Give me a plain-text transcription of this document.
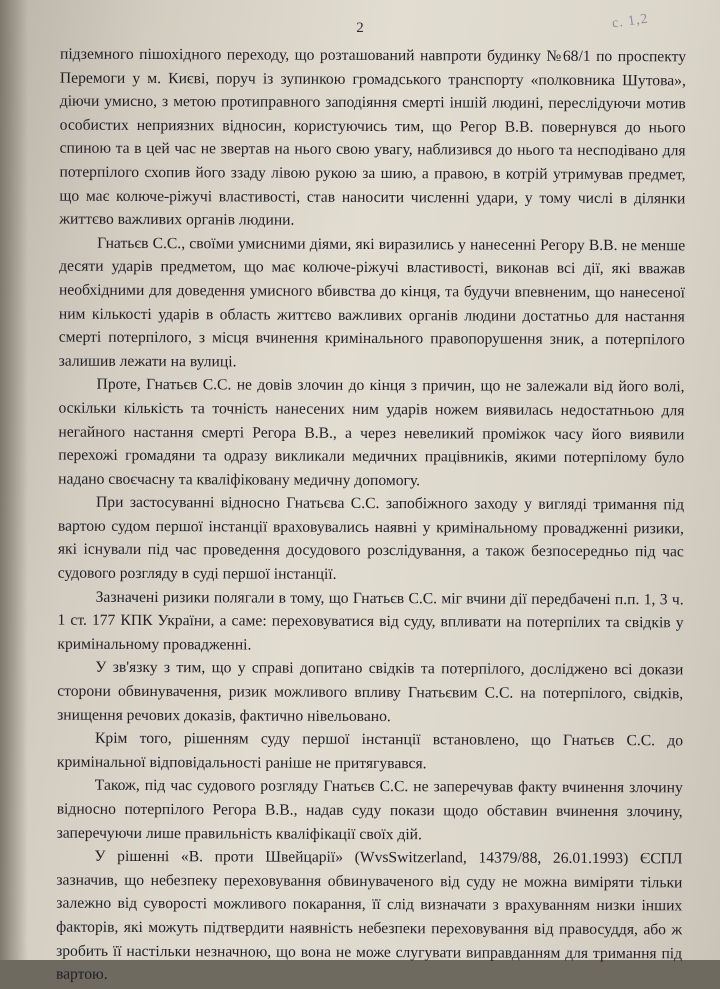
2	с. 1,2

підземного пішохідного переходу, що розташований навпроти будинку №68/1 по проспекту Перемоги у м. Києві, поруч із зупинкою громадського транспорту «полковника Шутова», діючи умисно, з метою протиправного заподіяння смерті іншій людині, переслідуючи мотив особистих неприязних відносин, користуючись тим, що Регор В.В. повернувся до нього спиною та в цей час не звертав на нього свою увагу, наблизився до нього та несподівано для потерпілого схопив його ззаду лівою рукою за шию, а правою, в котрій утримував предмет, що має колюче-ріжучі властивості, став наносити численні удари, у тому числі в ділянки життєво важливих органів людини.

Гнатьєв С.С., своїми умисними діями, які виразились у нанесенні Регору В.В. не менше десяти ударів предметом, що має колюче-ріжучі властивості, виконав всі дії, які вважав необхідними для доведення умисного вбивства до кінця, та будучи впевненим, що нанесеної ним кількості ударів в область життєво важливих органів людини достатньо для настання смерті потерпілого, з місця вчинення кримінального правопорушення зник, а потерпілого залишив лежати на вулиці.

Проте, Гнатьєв С.С. не довів злочин до кінця з причин, що не залежали від його волі, оскільки кількість та точність нанесених ним ударів ножем виявилась недостатньою для негайного настання смерті Регора В.В., а через невеликий проміжок часу його виявили перехожі громадяни та одразу викликали медичних працівників, якими потерпілому було надано своєчасну та кваліфіковану медичну допомогу.

При застосуванні відносно Гнатьєва С.С. запобіжного заходу у вигляді тримання під вартою судом першої інстанції враховувались наявні у кримінальному провадженні ризики, які існували під час проведення досудового розслідування, а також безпосередньо під час судового розгляду в суді першої інстанції.

Зазначені ризики полягали в тому, що Гнатьєв С.С. міг вчини дії передбачені п.п. 1, 3 ч. 1 ст. 177 КПК України, а саме: переховуватися від суду, впливати на потерпілих та свідків у кримінальному провадженні.

У зв'язку з тим, що у справі допитано свідків та потерпілого, досліджено всі докази сторони обвинувачення, ризик можливого впливу Гнатьєвим С.С. на потерпілого, свідків, знищення речових доказів, фактично нівельовано.

Крім того, рішенням суду першої інстанції встановлено, що Гнатьєв С.С. до кримінальної відповідальності раніше не притягувався.

Також, під час судового розгляду Гнатьєв С.С. не заперечував факту вчинення злочину відносно потерпілого Регора В.В., надав суду покази щодо обставин вчинення злочину, заперечуючи лише правильність кваліфікації своїх дій.

У рішенні «В. проти Швейцарії» (WvsSwitzerland, 14379/88, 26.01.1993) ЄСПЛ зазначив, що небезпеку переховування обвинуваченого від суду не можна виміряти тільки залежно від суворості можливого покарання, її слід визначати з врахуванням низки інших факторів, які можуть підтвердити наявність небезпеки переховування від правосуддя, або ж зробить її настільки незначною, що вона не може слугувати виправданням для тримання під вартою.
